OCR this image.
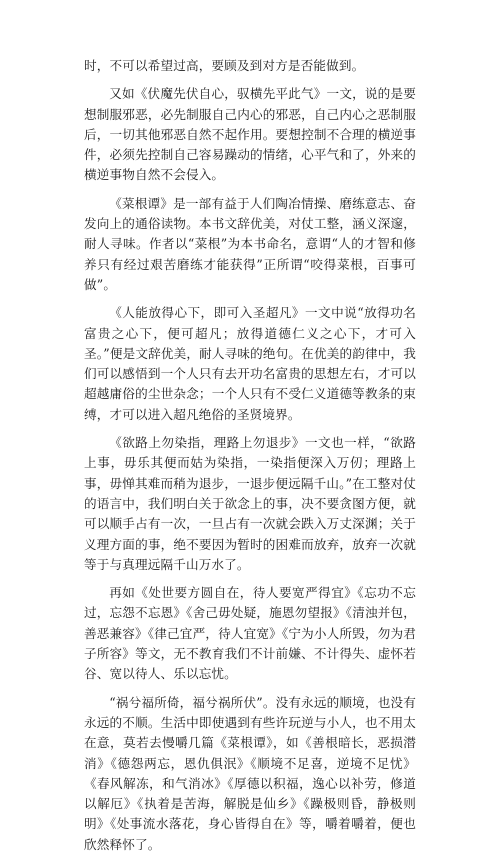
时，不可以希望过高，要顾及到对方是否能做到。

又如《伏魔先伏自心，驭横先平此气》一文，说的是要想制服邪恶，必先制服自己内心的邪恶，自己内心之恶制服后，一切其他邪恶自然不起作用。要想控制不合理的横逆事件，必须先控制自己容易躁动的情绪，心平气和了，外来的横逆事物自然不会侵入。

《菜根谭》是一部有益于人们陶冶情操、磨练意志、奋发向上的通俗读物。本书文辞优美，对仗工整，涵义深邃，耐人寻味。作者以“菜根”为本书命名，意谓“人的才智和修养只有经过艰苦磨练才能获得”正所谓“咬得菜根，百事可做”。

《人能放得心下，即可入圣超凡》一文中说“放得功名富贵之心下，便可超凡；放得道德仁义之心下，才可入圣。”便是文辞优美，耐人寻味的绝句。在优美的韵律中，我们可以感悟到一个人只有去开功名富贵的思想左右，才可以超越庸俗的尘世杂念；一个人只有不受仁义道德等教条的束缚，才可以进入超凡绝俗的圣贤境界。

《欲路上勿染指，理路上勿退步》一文也一样，“欲路上事，毋乐其便而姑为染指，一染指便深入万仞；理路上事，毋惮其难而稍为退步，一退步便远隔千山。”在工整对仗的语言中，我们明白关于欲念上的事，决不要贪图方便，就可以顺手占有一次，一旦占有一次就会跌入万丈深渊；关于义理方面的事，绝不要因为暂时的困难而放弃，放弃一次就等于与真理远隔千山万水了。

再如《处世要方圆自在，待人要宽严得宜》《忘功不忘过，忘怨不忘恩》《舍己毋处疑，施恩勿望报》《清浊并包，善恶兼容》《律己宜严，待人宜宽》《宁为小人所毁，勿为君子所容》等文，无不教育我们不计前嫌、不计得失、虚怀若谷、宽以待人、乐以忘忧。

“祸兮福所倚，福兮祸所伏”。没有永远的顺境，也没有永远的不顺。生活中即使遇到有些许玩逆与小人，也不用太在意，莫若去慢嚼几篇《菜根谭》，如《善根暗长，恶损潜消》《德怨两忘，恩仇俱泯》《顺境不足喜，逆境不足忧》《春风解冻，和气消冰》《厚德以积福，逸心以补劳，修道以解厄》《执着是苦海，解脱是仙乡》《躁极则昏，静极则明》《处事流水落花，身心皆得自在》等，嚼着嚼着，便也欣然释怀了。
